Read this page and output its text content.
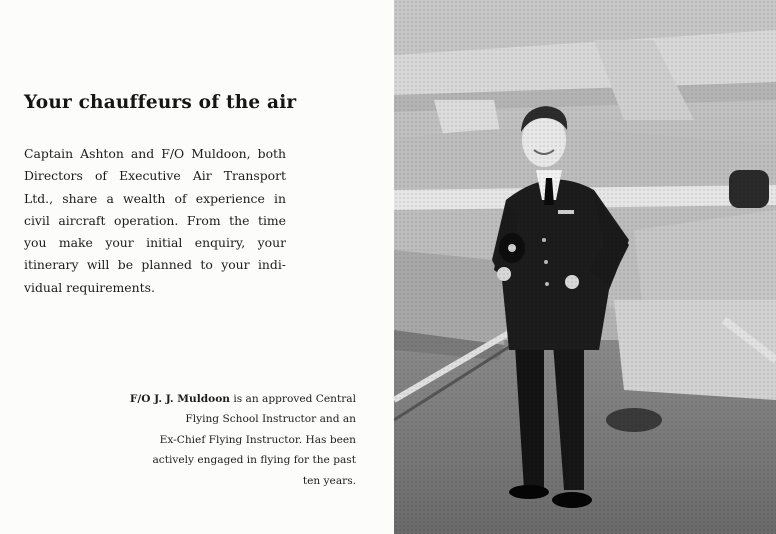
Your chauffeurs of the air
Captain Ashton and F/O Muldoon, both
Directors of Executive Air Transport
Ltd., share a wealth of experience in
civil aircraft operation. From the time
you make your initial enquiry, your
itinerary will be planned to your indi-
vidual requirements.
F/O J. J. Muldoon is an approved Central
Flying School Instructor and an
Ex-Chief Flying Instructor. Has been
actively engaged in flying for the past
ten years.
